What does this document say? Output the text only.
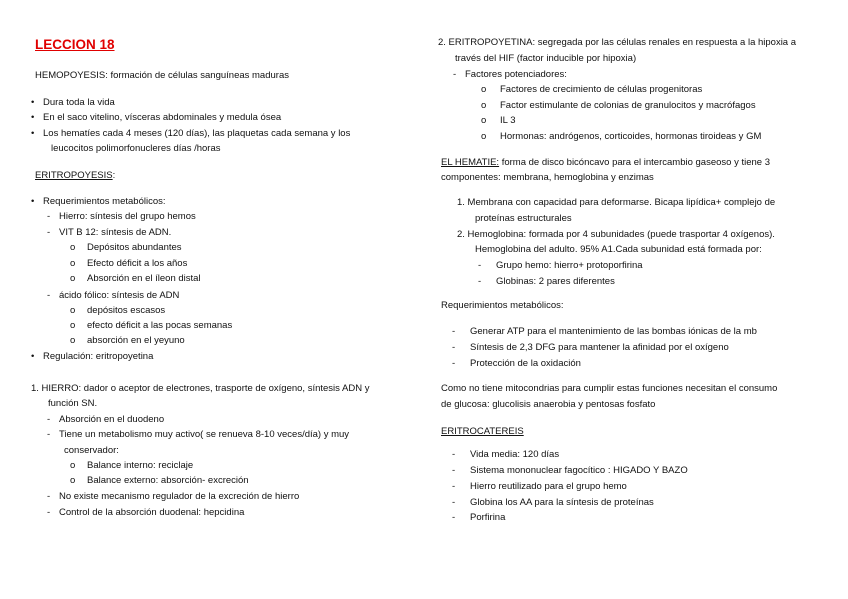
LECCION 18
HEMOPOYESIS: formación de células sanguíneas maduras
• Dura toda la vida
• En el saco vitelino, vísceras abdominales y medula ósea
• Los hematíes cada 4 meses (120 días), las plaquetas cada semana y los
leucocitos polimorfonucleres días /horas
ERITROPOYESIS:
• Requerimientos metabólicos:
- Hierro: síntesis del grupo hemos
- VIT B 12: síntesis de ADN.
o Depósitos abundantes
o Efecto déficit a los años
o Absorción en el íleon distal
- ácido fólico: síntesis de ADN
o depósitos escasos
o efecto déficit a las pocas semanas
o absorción en el yeyuno
• Regulación: eritropoyetina
1. HIERRO: dador o aceptor de electrones, trasporte de oxígeno, síntesis ADN y
función SN.
- Absorción en el duodeno
- Tiene un metabolismo muy activo( se renueva 8-10 veces/día) y muy
conservador:
o Balance interno: reciclaje
o Balance externo: absorción- excreción
- No existe mecanismo regulador de la excreción de hierro
- Control de la absorción duodenal: hepcidina
2. ERITROPOYETINA: segregada por las células renales en respuesta a la hipoxia a
través del HIF (factor inducible por hipoxia)
- Factores potenciadores:
o Factores de crecimiento de células progenitoras
o Factor estimulante de colonias de granulocitos y macrófagos
o IL 3
o Hormonas: andrógenos, corticoides, hormonas tiroideas y GM
EL HEMATIE: forma de disco bicóncavo para el intercambio gaseoso y tiene 3
componentes: membrana, hemoglobina y enzimas
1. Membrana con capacidad para deformarse. Bicapa lipídica+ complejo de
proteínas estructurales
2. Hemoglobina: formada por 4 subunidades (puede trasportar 4 oxígenos).
Hemoglobina del adulto. 95% A1.Cada subunidad está formada por:
- Grupo hemo: hierro+ protoporfirina
- Globinas: 2 pares diferentes
Requerimientos metabólicos:
- Generar ATP para el mantenimiento de las bombas iónicas de la mb
- Síntesis de 2,3 DFG para mantener la afinidad por el oxígeno
- Protección de la oxidación
Como no tiene mitocondrias para cumplir estas funciones necesitan el consumo
de glucosa: glucolisis anaerobia y pentosas fosfato
ERITROCATEREIS
- Vida media: 120 días
- Sistema mononuclear fagocítico : HIGADO Y BAZO
- Hierro reutilizado para el grupo hemo
- Globina los AA para la síntesis de proteínas
- Porfirina
